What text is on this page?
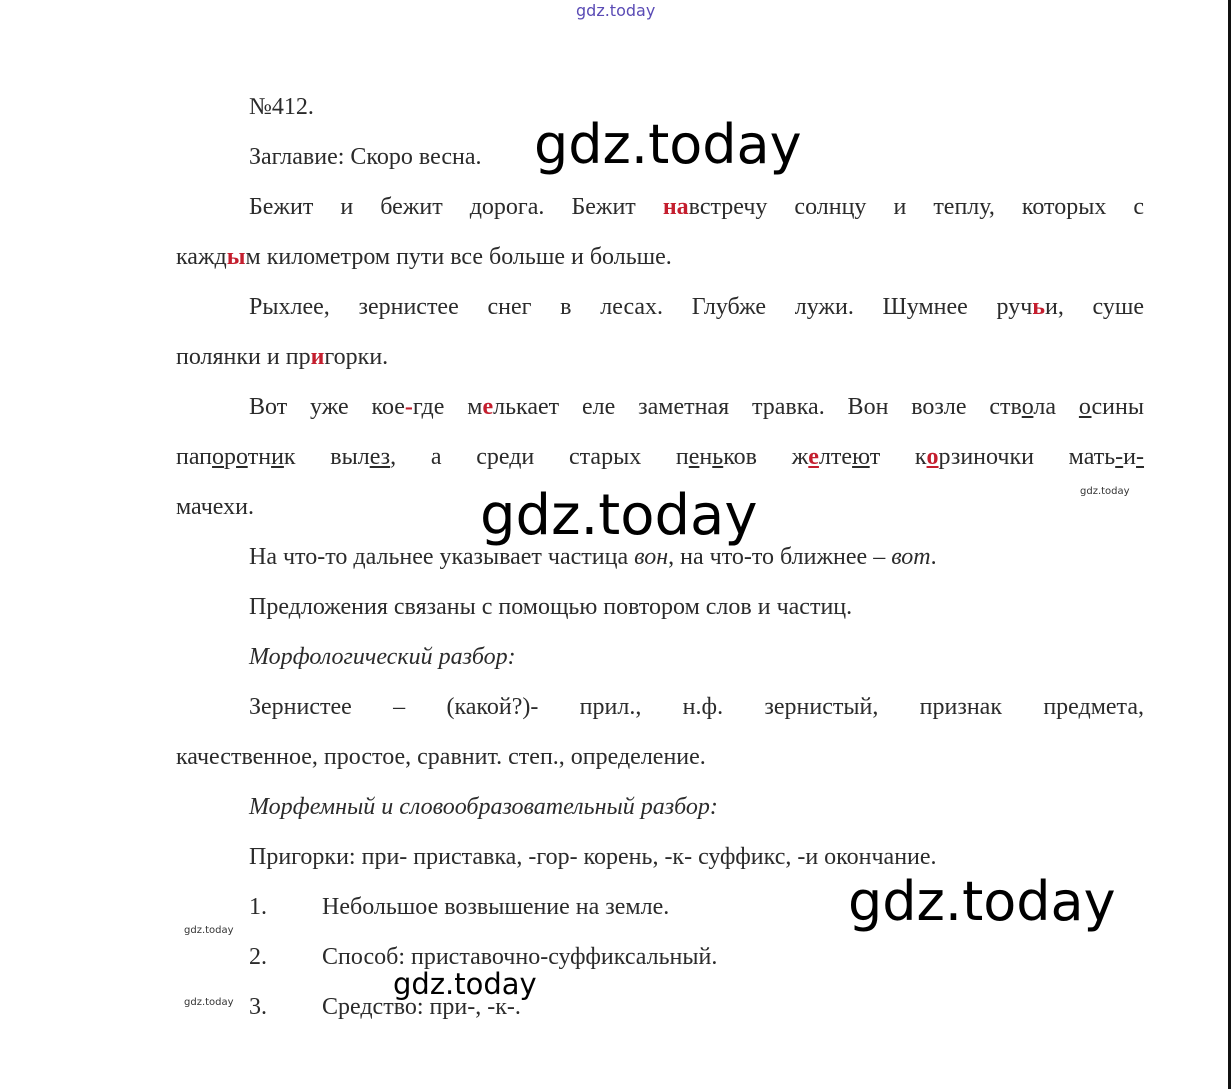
№412.
Заглавие: Скоро весна.
Бежит и бежит дорога. Бежит навстречу солнцу и теплу, которых с
каждым километром пути все больше и больше.
Рыхлее, зернистее снег в лесах. Глубже лужи. Шумнее ручьи, суше
полянки и пригорки.
Вот уже кое-где мелькает еле заметная травка. Вон возле ствола осины
папоротник вылез, а среди старых пеньков желтеют корзиночки мать-и-
мачехи.
На что-то дальнее указывает частица вон, на что-то ближнее – вот.
Предложения связаны с помощью повтором слов и частиц.
Морфологический разбор:
Зернистее – (какой?)- прил., н.ф. зернистый, признак предмета,
качественное, простое, сравнит. степ., определение.
Морфемный и словообразовательный разбор:
Пригорки: при- приставка, -гор- корень, -к- суффикс, -и окончание.
1. Небольшое возвышение на земле.
2. Способ: приставочно-суффиксальный.
3. Средство: при-, -к-.
gdz.today
gdz.today
gdz.today
gdz.today
gdz.today
gdz.today
gdz.today
gdz.today
